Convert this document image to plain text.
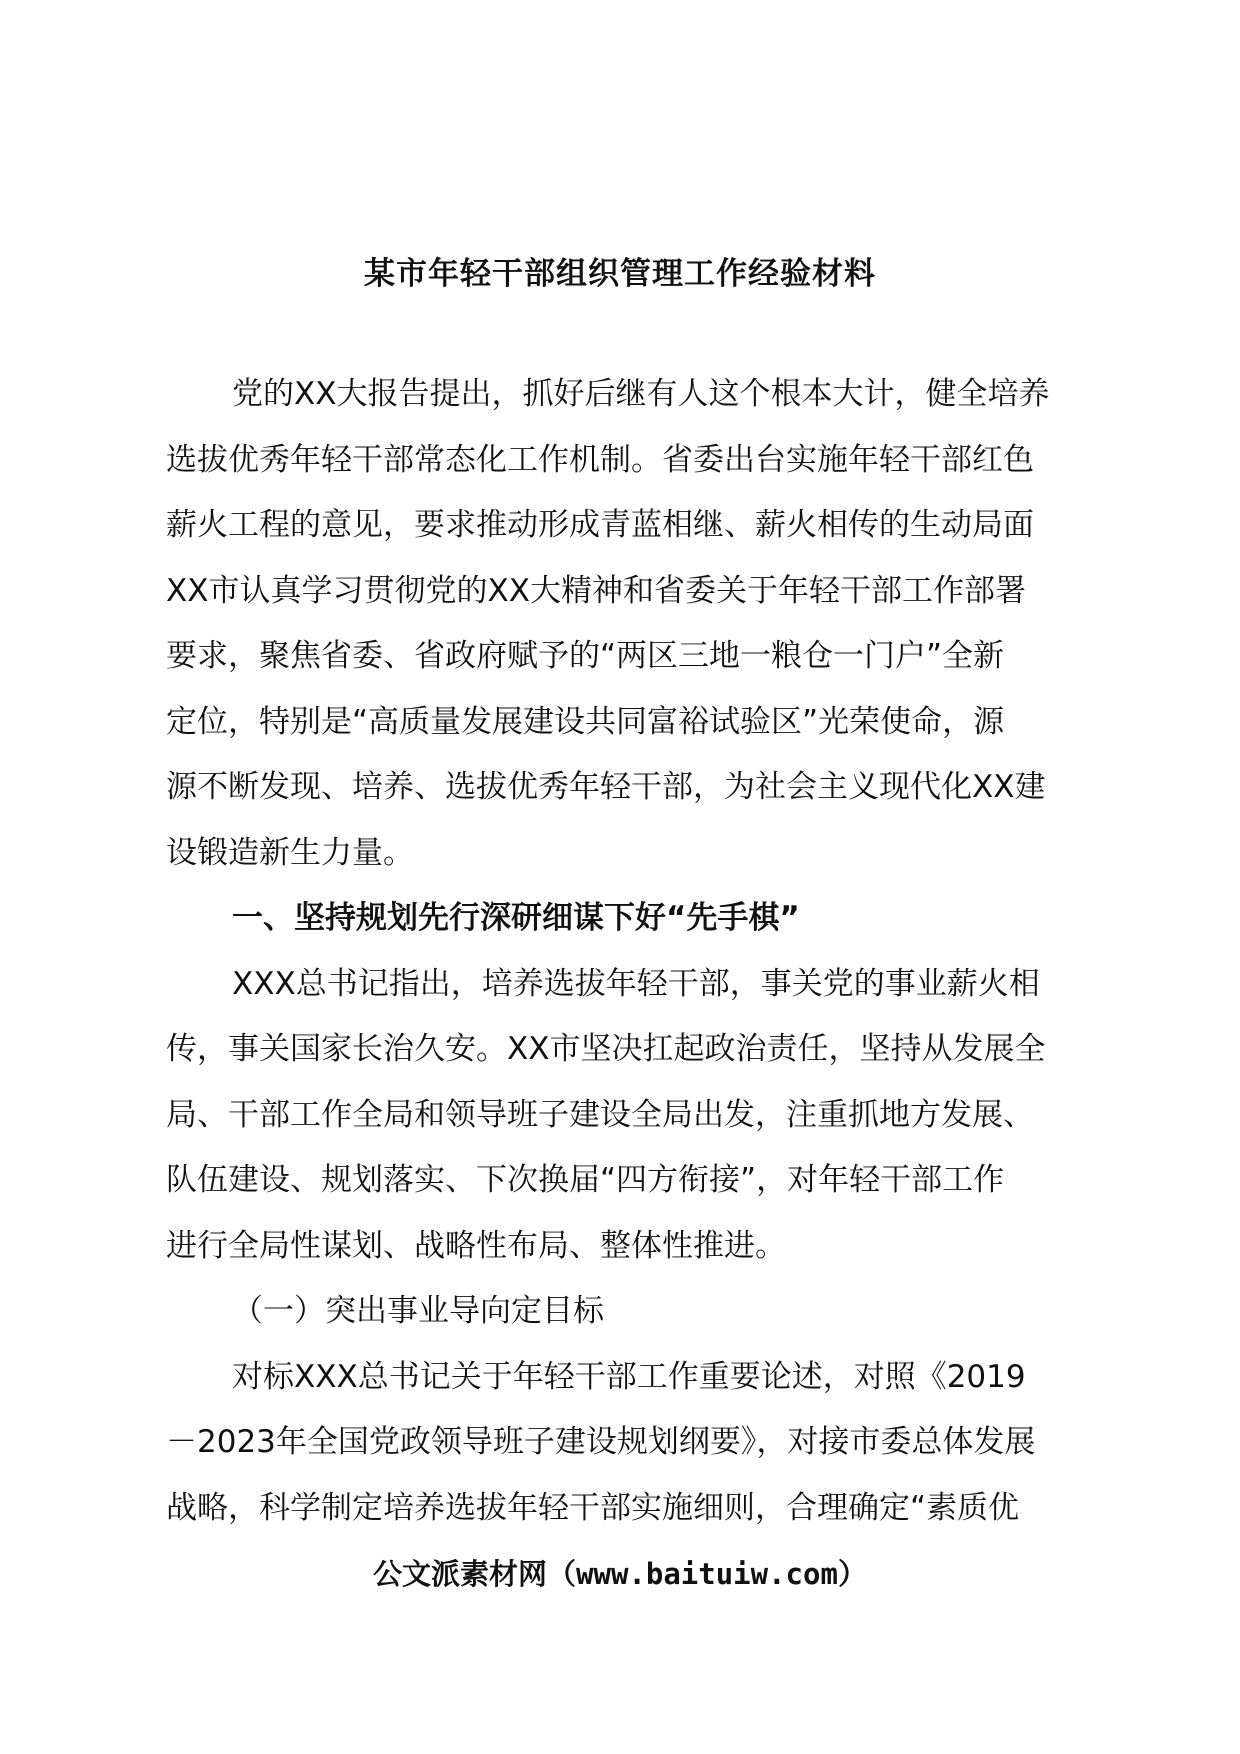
某市年轻干部组织管理工作经验材料
党的XX大报告提出，抓好后继有人这个根本大计，健全培养
选拔优秀年轻干部常态化工作机制。省委出台实施年轻干部红色
薪火工程的意见，要求推动形成青蓝相继、薪火相传的生动局面
XX市认真学习贯彻党的XX大精神和省委关于年轻干部工作部署
要求，聚焦省委、省政府赋予的“两区三地一粮仓一门户”全新
定位，特别是“高质量发展建设共同富裕试验区”光荣使命，源
源不断发现、培养、选拔优秀年轻干部，为社会主义现代化XX建
设锻造新生力量。
一、坚持规划先行深研细谋下好“先手棋”
XXX总书记指出，培养选拔年轻干部，事关党的事业薪火相
传，事关国家长治久安。XX市坚决扛起政治责任，坚持从发展全
局、干部工作全局和领导班子建设全局出发，注重抓地方发展、
队伍建设、规划落实、下次换届“四方衔接”，对年轻干部工作
进行全局性谋划、战略性布局、整体性推进。
（一）突出事业导向定目标
对标XXX总书记关于年轻干部工作重要论述，对照《2019
－2023年全国党政领导班子建设规划纲要》，对接市委总体发展
战略，科学制定培养选拔年轻干部实施细则，合理确定“素质优
公文派素材网（www.baituiw.com）
